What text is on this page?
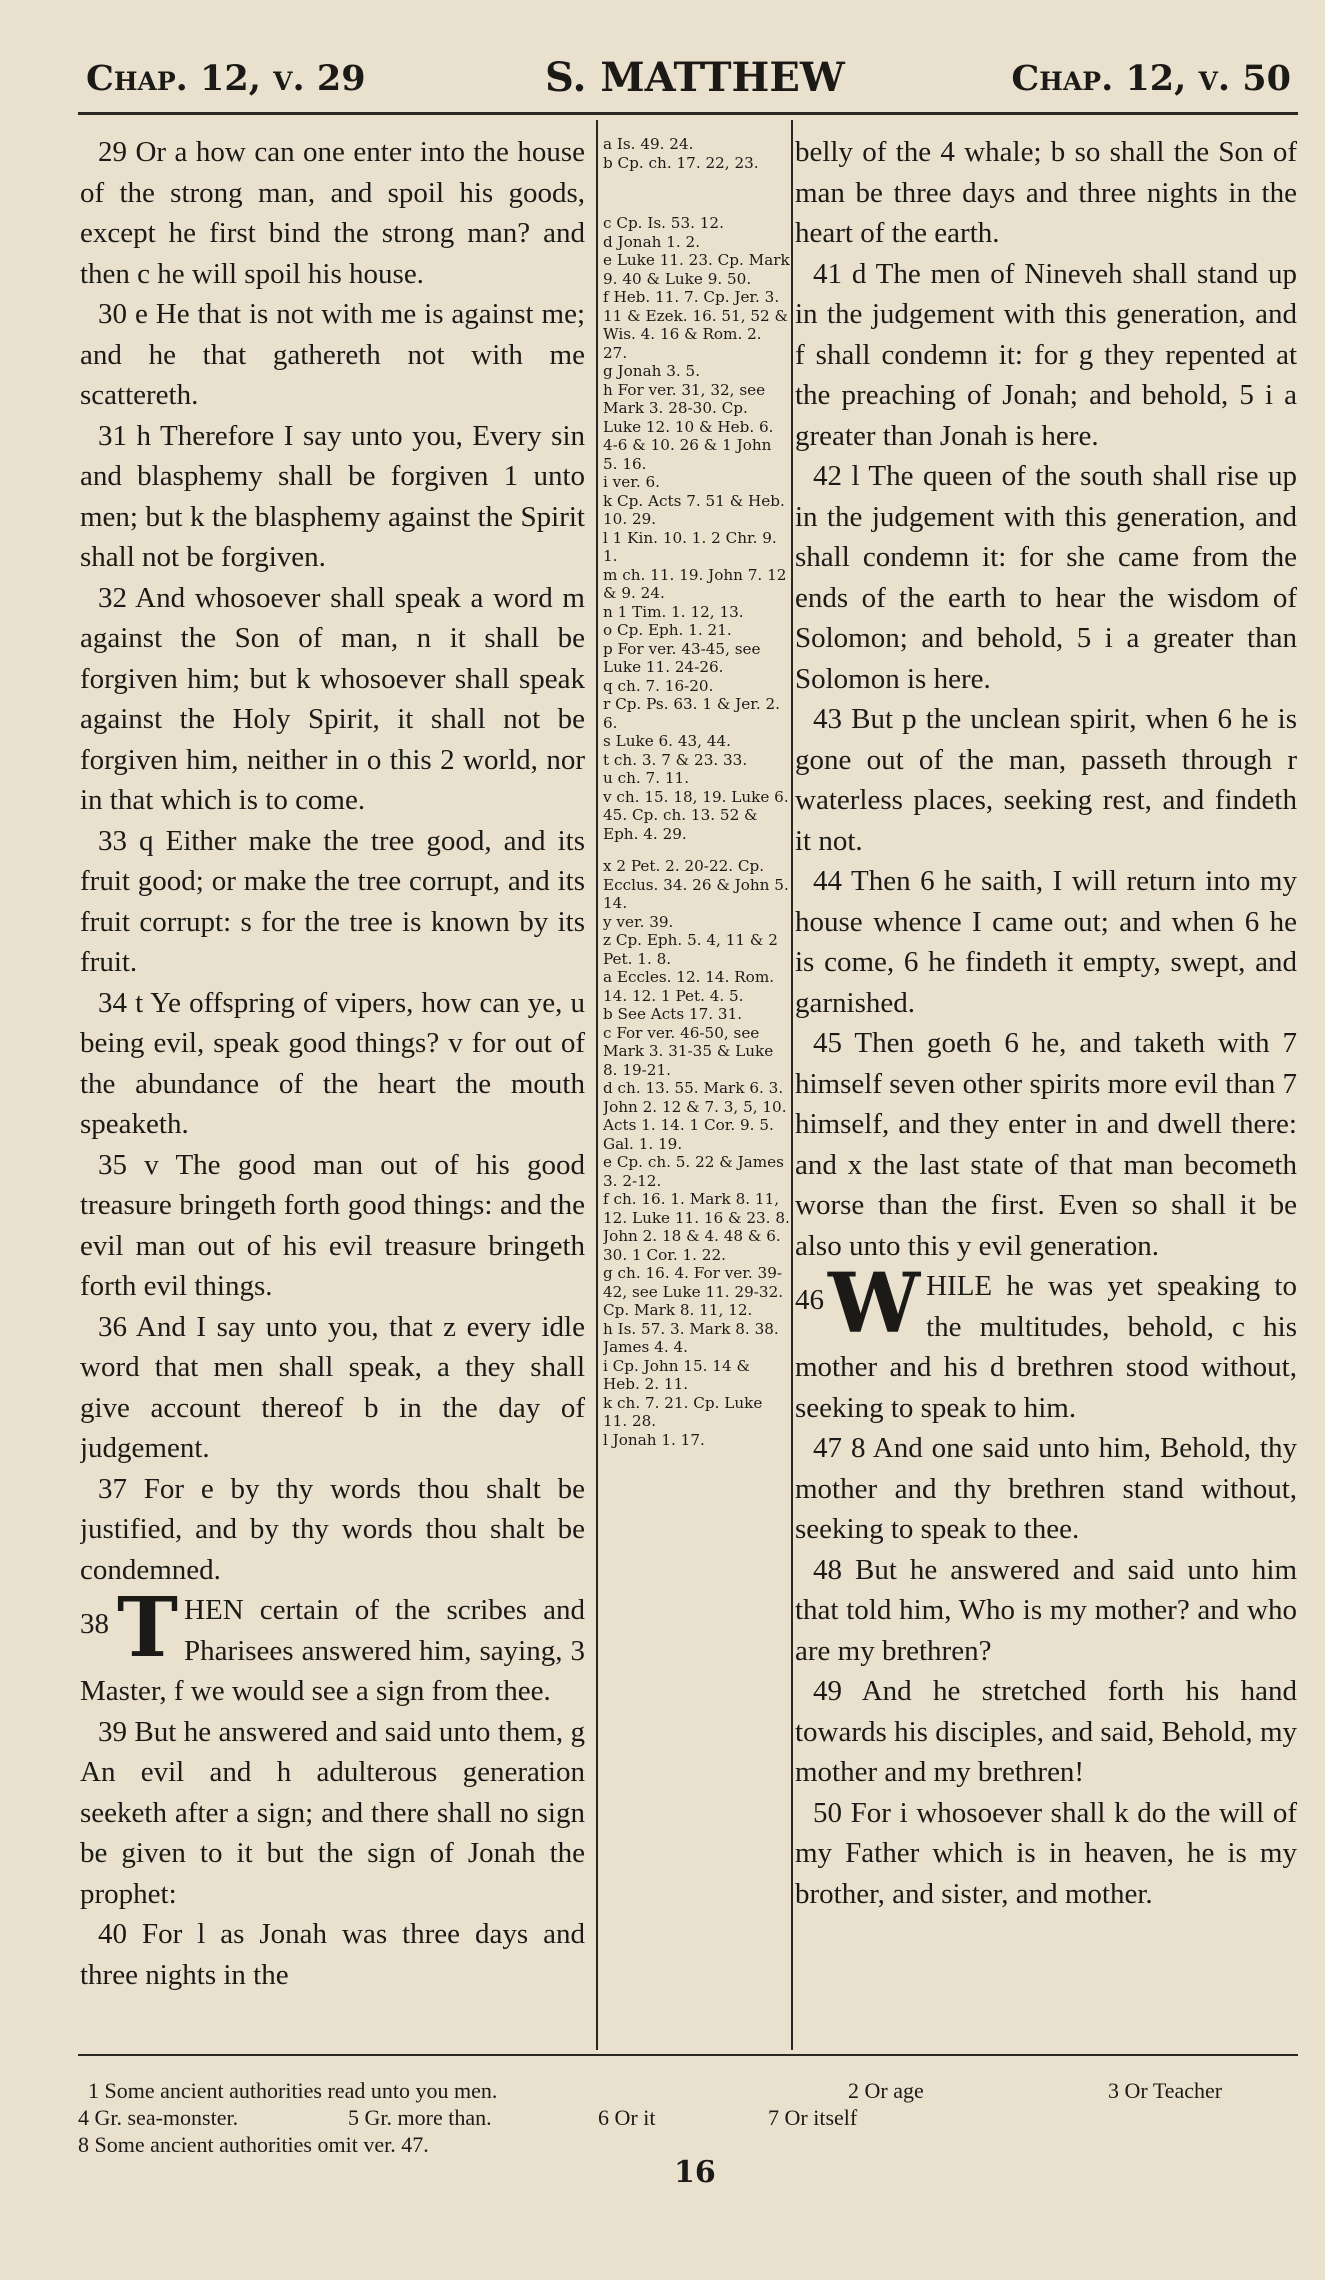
Chap. 12, v. 29	S. MATTHEW	Chap. 12, v. 50

29 Or a how can one enter into the house of the strong man, and spoil his goods, except he first bind the strong man? and then c he will spoil his house.

30 e He that is not with me is against me; and he that gathereth not with me scattereth.

31 h Therefore I say unto you, Every sin and blasphemy shall be forgiven 1 unto men; but k the blasphemy against the Spirit shall not be forgiven.

32 And whosoever shall speak a word m against the Son of man, n it shall be forgiven him; but k whosoever shall speak against the Holy Spirit, it shall not be forgiven him, neither in o this 2 world, nor in that which is to come.

33 q Either make the tree good, and its fruit good; or make the tree corrupt, and its fruit corrupt: s for the tree is known by its fruit.

34 t Ye offspring of vipers, how can ye, u being evil, speak good things? v for out of the abundance of the heart the mouth speaketh.

35 v The good man out of his good treasure bringeth forth good things: and the evil man out of his evil treasure bringeth forth evil things.

36 And I say unto you, that z every idle word that men shall speak, a they shall give account thereof b in the day of judgement.

37 For e by thy words thou shalt be justified, and by thy words thou shalt be condemned.

38 T HEN certain of the scribes and Pharisees answered him, saying, 3 Master, f we would see a sign from thee.

39 But he answered and said unto them, g An evil and h adulterous generation seeketh after a sign; and there shall no sign be given to it but the sign of Jonah the prophet:

40 For l as Jonah was three days and three nights in the

a Is. 49. 24.
b Cp. ch. 17. 22, 23.
c Cp. Is. 53. 12.
d Jonah 1. 2.
e Luke 11. 23. Cp. Mark 9. 40 & Luke 9. 50.
f Heb. 11. 7. Cp. Jer. 3. 11 & Ezek. 16. 51, 52 & Wis. 4. 16 & Rom. 2. 27.
g Jonah 3. 5.
h For ver. 31, 32, see Mark 3. 28-30. Cp. Luke 12. 10 & Heb. 6. 4-6 & 10. 26 & 1 John 5. 16.
i ver. 6.
k Cp. Acts 7. 51 & Heb. 10. 29.
l 1 Kin. 10. 1. 2 Chr. 9. 1.
m ch. 11. 19. John 7. 12 & 9. 24.
n 1 Tim. 1. 12, 13.
o Cp. Eph. 1. 21.
p For ver. 43-45, see Luke 11. 24-26.
q ch. 7. 16-20.
r Cp. Ps. 63. 1 & Jer. 2. 6.
s Luke 6. 43, 44.
t ch. 3. 7 & 23. 33.
u ch. 7. 11.
v ch. 15. 18, 19. Luke 6. 45. Cp. ch. 13. 52 & Eph. 4. 29.
x 2 Pet. 2. 20-22. Cp. Ecclus. 34. 26 & John 5. 14.
y ver. 39.
z Cp. Eph. 5. 4, 11 & 2 Pet. 1. 8.
a Eccles. 12. 14. Rom. 14. 12. 1 Pet. 4. 5.
b See Acts 17. 31.
c For ver. 46-50, see Mark 3. 31-35 & Luke 8. 19-21.
d ch. 13. 55. Mark 6. 3. John 2. 12 & 7. 3, 5, 10. Acts 1. 14. 1 Cor. 9. 5. Gal. 1. 19.
e Cp. ch. 5. 22 & James 3. 2-12.
f ch. 16. 1. Mark 8. 11, 12. Luke 11. 16 & 23. 8. John 2. 18 & 4. 48 & 6. 30. 1 Cor. 1. 22.
g ch. 16. 4. For ver. 39-42, see Luke 11. 29-32. Cp. Mark 8. 11, 12.
h Is. 57. 3. Mark 8. 38. James 4. 4.
i Cp. John 15. 14 & Heb. 2. 11.
k ch. 7. 21. Cp. Luke 11. 28.
l Jonah 1. 17.

belly of the 4 whale; b so shall the Son of man be three days and three nights in the heart of the earth.

41 d The men of Nineveh shall stand up in the judgement with this generation, and f shall condemn it: for g they repented at the preaching of Jonah; and behold, 5 i a greater than Jonah is here.

42 l The queen of the south shall rise up in the judgement with this generation, and shall condemn it: for she came from the ends of the earth to hear the wisdom of Solomon; and behold, 5 i a greater than Solomon is here.

43 But p the unclean spirit, when 6 he is gone out of the man, passeth through r waterless places, seeking rest, and findeth it not.

44 Then 6 he saith, I will return into my house whence I came out; and when 6 he is come, 6 he findeth it empty, swept, and garnished.

45 Then goeth 6 he, and taketh with 7 himself seven other spirits more evil than 7 himself, and they enter in and dwell there: and x the last state of that man becometh worse than the first. Even so shall it be also unto this y evil generation.

46 W HILE he was yet speaking to the multitudes, behold, c his mother and his d brethren stood without, seeking to speak to him.

47 8 And one said unto him, Behold, thy mother and thy brethren stand without, seeking to speak to thee.

48 But he answered and said unto him that told him, Who is my mother? and who are my brethren?

49 And he stretched forth his hand towards his disciples, and said, Behold, my mother and my brethren!

50 For i whosoever shall k do the will of my Father which is in heaven, he is my brother, and sister, and mother.

1 Some ancient authorities read unto you men.	2 Or age	3 Or Teacher
4 Gr. sea-monster.	5 Gr. more than.	6 Or it	7 Or itself
8 Some ancient authorities omit ver. 47.
16
